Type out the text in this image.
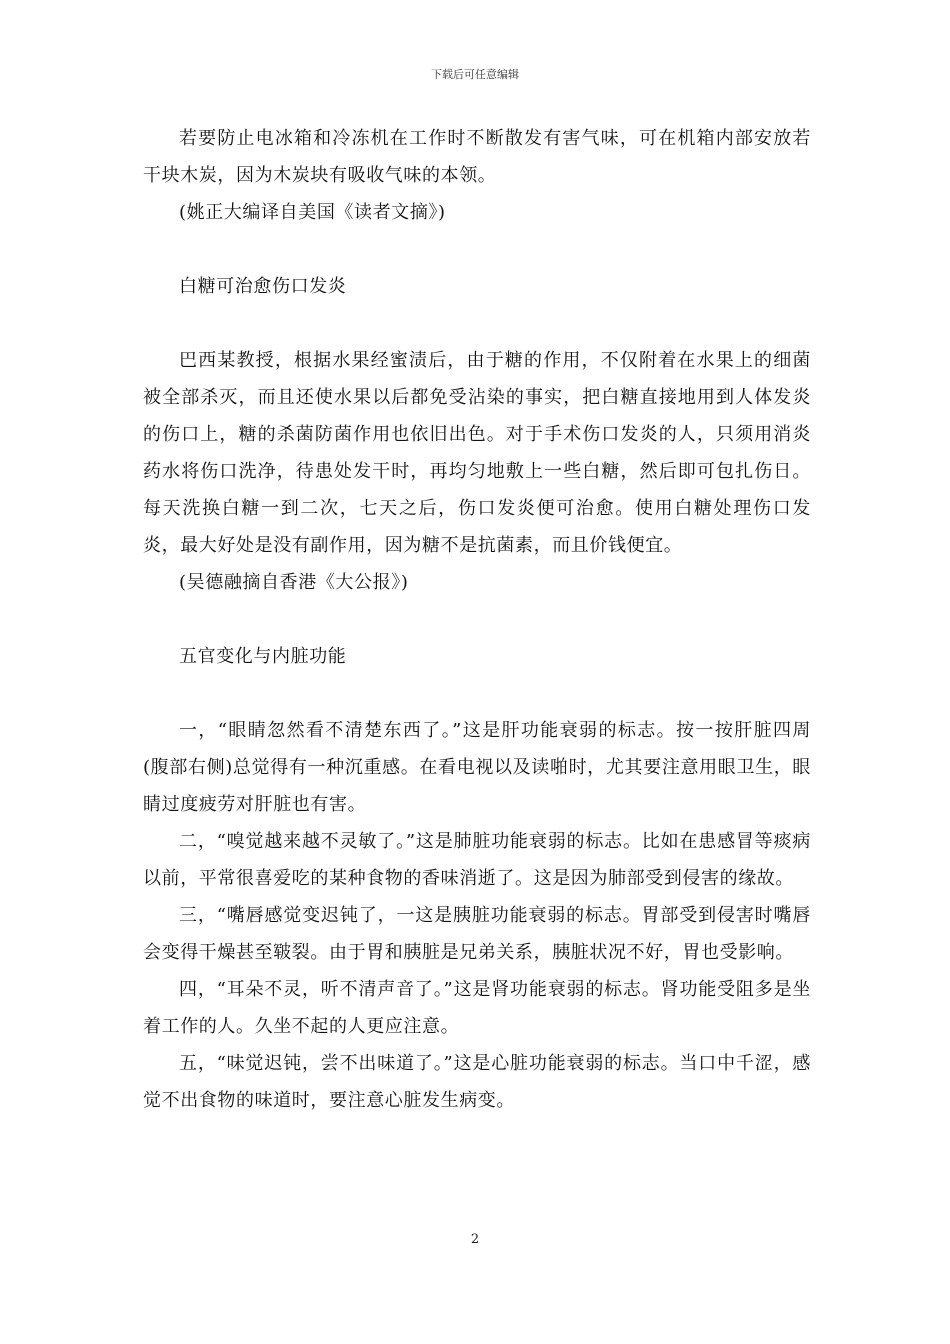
下载后可任意编辑

若要防止电冰箱和冷冻机在工作时不断散发有害气味，可在机箱内部安放若干块木炭，因为木炭块有吸收气味的本领。

(姚正大编译自美国《读者文摘》)

白糖可治愈伤口发炎

巴西某教授，根据水果经蜜渍后，由于糖的作用，不仅附着在水果上的细菌被全部杀灭，而且还使水果以后都免受沾染的事实，把白糖直接地用到人体发炎的伤口上，糖的杀菌防菌作用也依旧出色。对于手术伤口发炎的人，只须用消炎药水将伤口洗净，待患处发干时，再均匀地敷上一些白糖，然后即可包扎伤日。每天洗换白糖一到二次，七天之后，伤口发炎便可治愈。使用白糖处理伤口发炎，最大好处是没有副作用，因为糖不是抗菌素，而且价钱便宜。

(吴德融摘自香港《大公报》)

五官变化与内脏功能

一，“眼睛忽然看不清楚东西了。”这是肝功能衰弱的标志。按一按肝脏四周(腹部右侧)总觉得有一种沉重感。在看电视以及读啪时，尤其要注意用眼卫生，眼睛过度疲劳对肝脏也有害。

二，“嗅觉越来越不灵敏了。”这是肺脏功能衰弱的标志。比如在患感冒等痰病以前，平常很喜爱吃的某种食物的香味消逝了。这是因为肺部受到侵害的缘故。

三，“嘴唇感觉变迟钝了，一这是胰脏功能衰弱的标志。胃部受到侵害时嘴唇会变得干燥甚至皲裂。由于胃和胰脏是兄弟关系，胰脏状况不好，胃也受影响。

四，“耳朵不灵，听不清声音了。”这是肾功能衰弱的标志。肾功能受阻多是坐着工作的人。久坐不起的人更应注意。

五，“味觉迟钝，尝不出味道了。”这是心脏功能衰弱的标志。当口中千涩，感觉不出食物的味道时，要注意心脏发生病变。

2
